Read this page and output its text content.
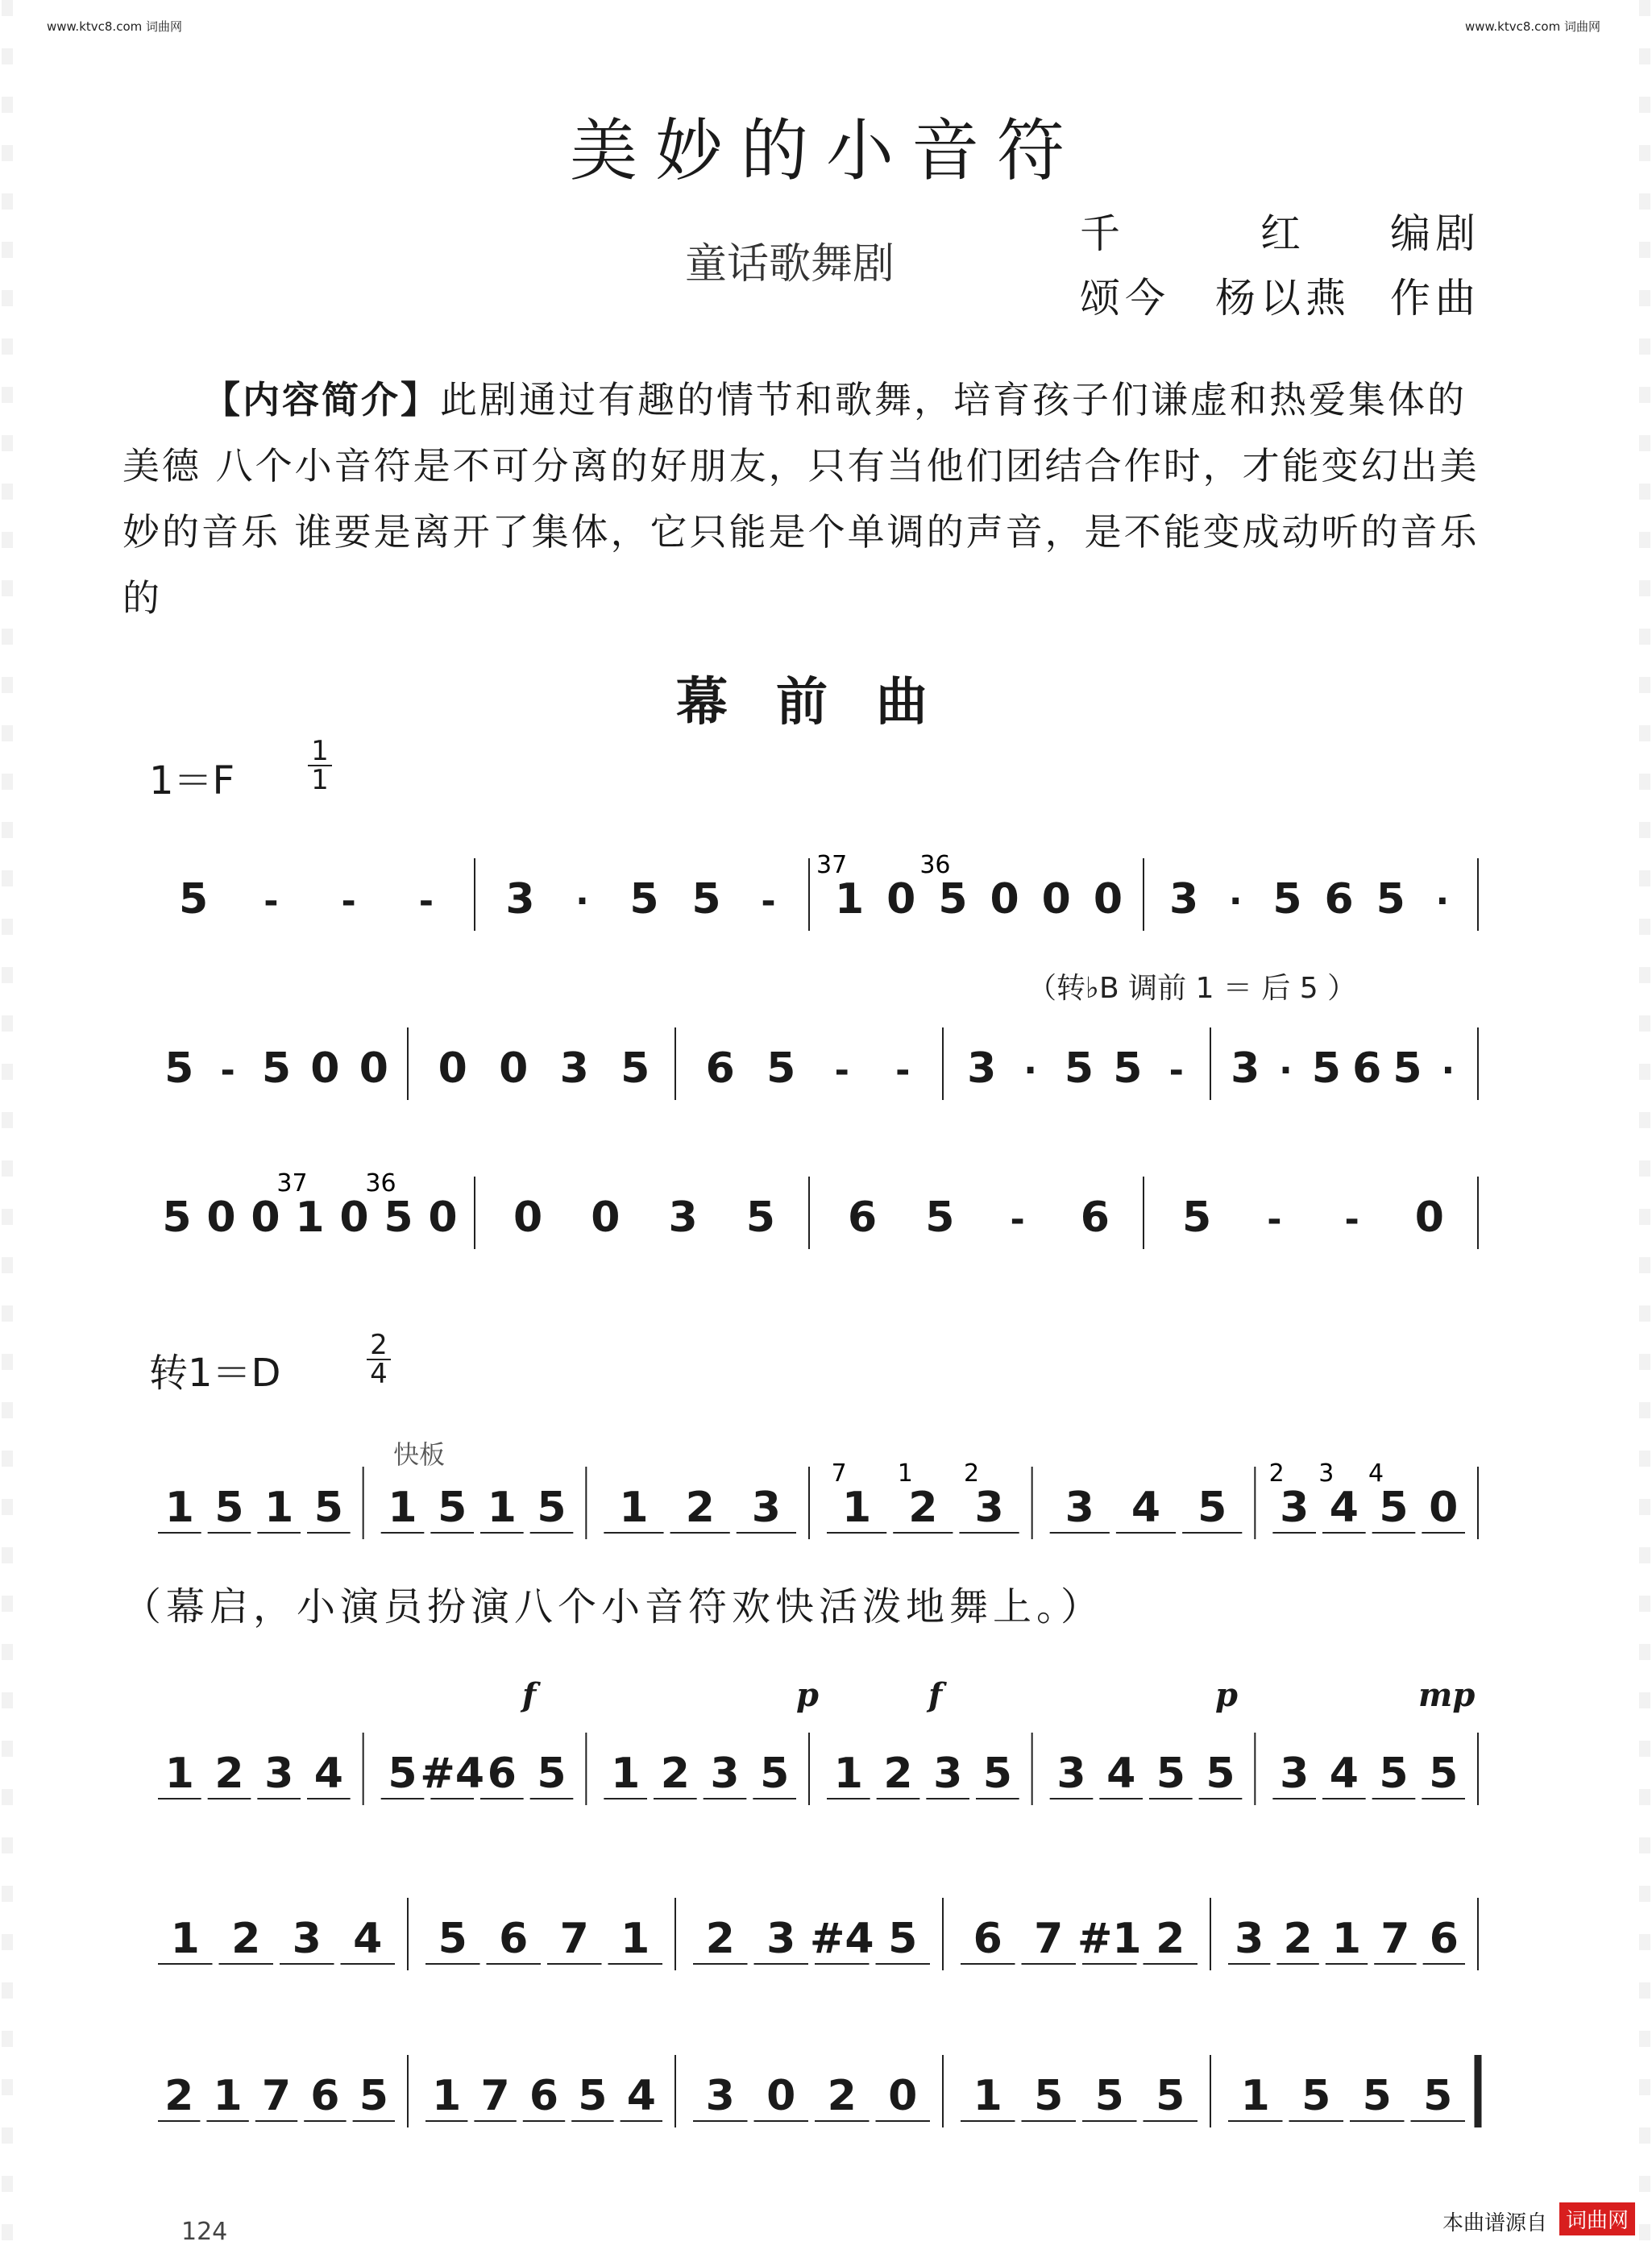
www.ktvc8.com 词曲网	www.ktvc8.com 词曲网
美妙的小音符
童话歌舞剧
千　　　红 编剧
颂今　杨以燕 作曲
【内容简介】此剧通过有趣的情节和歌舞，培育孩子们谦虚和热爱集体的美德 八个小音符是不可分离的好朋友，只有当他们团结合作时，才能变幻出美妙的音乐 谁要是离开了集体，它只能是个单调的声音，是不能变成动听的音乐的
幕前曲
1＝F
1
1
（转♭B 调前 1 ＝ 后 5 ）
转1＝D
2
4
快板
5 - - - 3 · 5 5 -
37
1 0
36
5 0 0 0 3 · 5 6 5 ·
5 - 5 0 0 0 0 3 5 6 5 - - 3 · 5 5 - 3 · 5 6 5 ·
5 0 0
37
1 0
36
5 0 0 0 3 5 6 5 - 6 5 - - 0
1 5 1 5 1 5 1 5 1 2 3
7
1
1
2
2
3 3 4 5
2
3
3
4
4
5 0
1 2 3 4 5 #4 6 5 1 2 3 5 1 2 3 5 3 4 5 5 3 4 5 5
1 2 3 4 5 6 7 1 2 3 #4 5 6 7 #1 2 3 2 1 7 6
2 1 7 6 5 1 7 6 5 4 3 0 2 0 1 5 5 5 1 5 5 5
（幕启，小演员扮演八个小音符欢快活泼地舞上。）
f	p	f	p	mp
124	本曲谱源自 词曲网
